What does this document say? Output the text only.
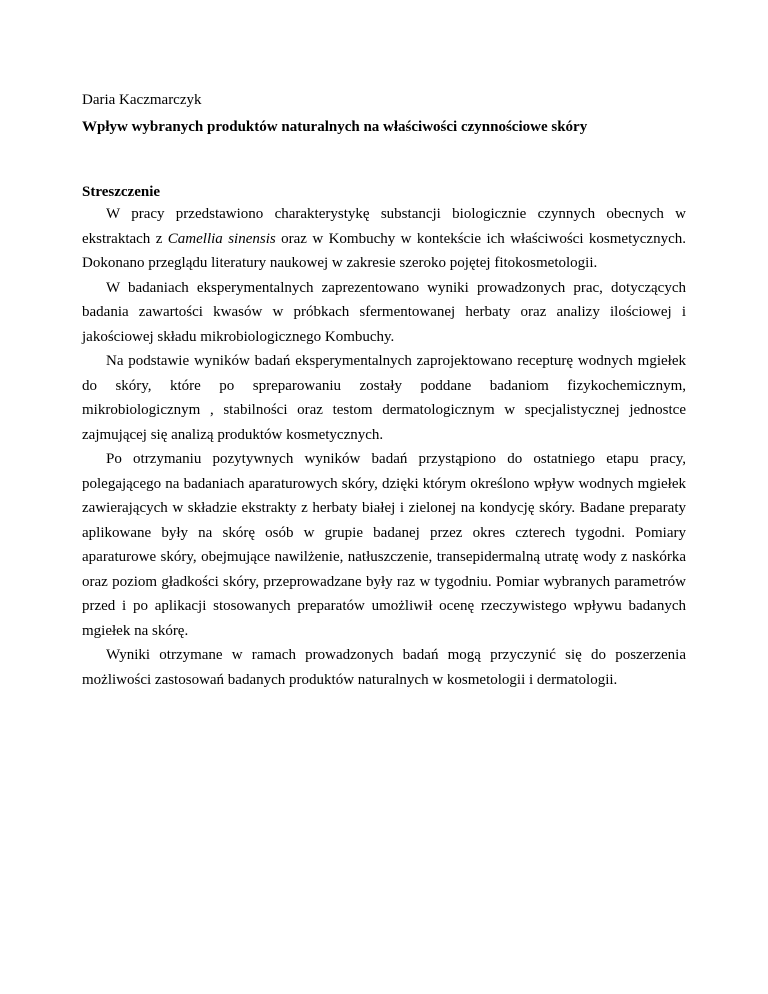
Daria Kaczmarczyk

Wpływ wybranych produktów naturalnych na właściwości czynnościowe skóry

Streszczenie

W pracy przedstawiono charakterystykę substancji biologicznie czynnych obecnych w ekstraktach z Camellia sinensis oraz w Kombuchy w kontekście ich właściwości kosmetycznych. Dokonano przeglądu literatury naukowej w zakresie szeroko pojętej fitokosmetologii.

W badaniach eksperymentalnych zaprezentowano wyniki prowadzonych prac, dotyczących badania zawartości kwasów w próbkach sfermentowanej herbaty oraz analizy ilościowej i jakościowej składu mikrobiologicznego Kombuchy.

Na podstawie wyników badań eksperymentalnych zaprojektowano recepturę wodnych mgiełek do skóry, które po spreparowaniu zostały poddane badaniom fizykochemicznym, mikrobiologicznym , stabilności oraz testom dermatologicznym w specjalistycznej jednostce zajmującej się analizą produktów kosmetycznych.

Po otrzymaniu pozytywnych wyników badań przystąpiono do ostatniego etapu pracy, polegającego na badaniach aparaturowych skóry, dzięki którym określono wpływ wodnych mgiełek zawierających w składzie ekstrakty z herbaty białej i zielonej na kondycję skóry. Badane preparaty aplikowane były na skórę osób w grupie badanej przez okres czterech tygodni. Pomiary aparaturowe skóry, obejmujące nawilżenie, natłuszczenie, transepidermalną utratę wody z naskórka oraz poziom gładkości skóry, przeprowadzane były raz w tygodniu. Pomiar wybranych parametrów przed i po aplikacji stosowanych preparatów umożliwił ocenę rzeczywistego wpływu badanych mgiełek na skórę.

Wyniki otrzymane w ramach prowadzonych badań mogą przyczynić się do poszerzenia możliwości zastosowań badanych produktów naturalnych w kosmetologii i dermatologii.
